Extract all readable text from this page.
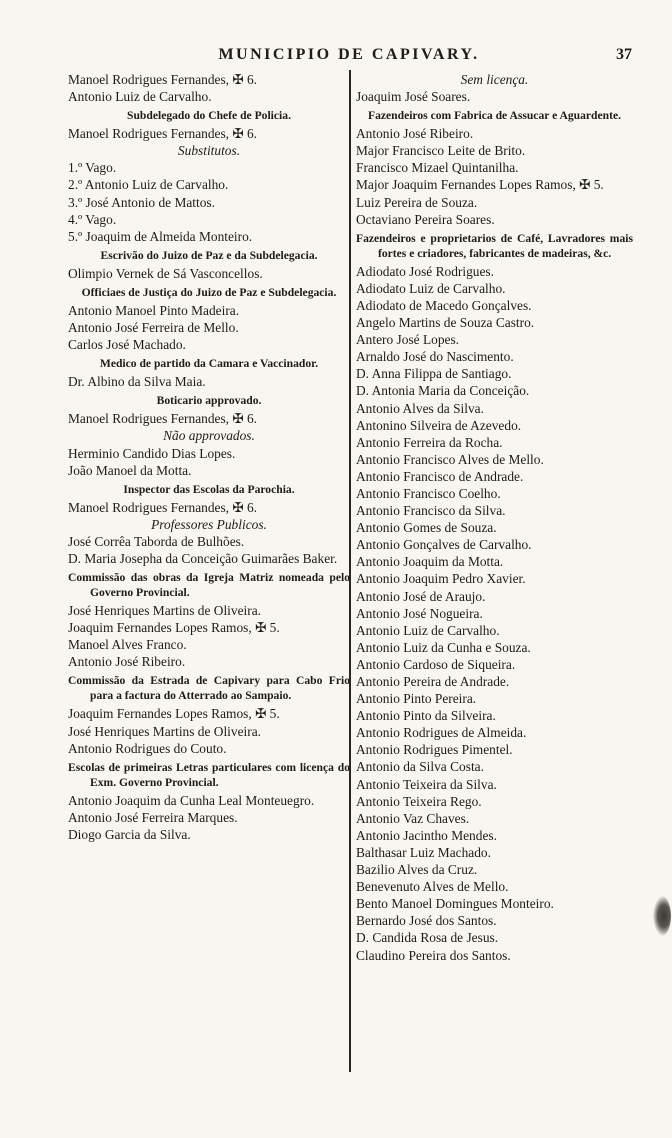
MUNICIPIO DE CAPIVARY.	37
Manoel Rodrigues Fernandes, ✠ 6.
Antonio Luiz de Carvalho.
Subdelegado do Chefe de Policia.
Manoel Rodrigues Fernandes, ✠ 6.
Substitutos.
1.º Vago.
2.º Antonio Luiz de Carvalho.
3.º José Antonio de Mattos.
4.º Vago.
5.º Joaquim de Almeida Monteiro.
Escrivão do Juizo de Paz e da Subdelegacia.
Olimpio Vernek de Sá Vasconcellos.
Officiaes de Justiça do Juizo de Paz e Subdelegacia.
Antonio Manoel Pinto Madeira.
Antonio José Ferreira de Mello.
Carlos José Machado.
Medico de partido da Camara e Vaccinador.
Dr. Albino da Silva Maia.
Boticario approvado.
Manoel Rodrigues Fernandes, ✠ 6.
Não approvados.
Herminio Candido Dias Lopes.
João Manoel da Motta.
Inspector das Escolas da Parochia.
Manoel Rodrigues Fernandes, ✠ 6.
Professores Publicos.
José Corrêa Taborda de Bulhões.
D. Maria Josepha da Conceição Guimarães Baker.
Commissão das obras da Igreja Matriz nomeada pelo Governo Provincial.
José Henriques Martins de Oliveira.
Joaquim Fernandes Lopes Ramos, ✠ 5.
Manoel Alves Franco.
Antonio José Ribeiro.
Commissão da Estrada de Capivary para Cabo Frio para a factura do Atterrado ao Sampaio.
Joaquim Fernandes Lopes Ramos, ✠ 5.
José Henriques Martins de Oliveira.
Antonio Rodrigues do Couto.
Escolas de primeiras Letras particulares com licença do Exm. Governo Provincial.
Antonio Joaquim da Cunha Leal Monteuegro.
Antonio José Ferreira Marques.
Diogo Garcia da Silva.
Sem licença.
Joaquim José Soares.
Fazendeiros com Fabrica de Assucar e Aguardente.
Antonio José Ribeiro.
Major Francisco Leite de Brito.
Francisco Mizael Quintanilha.
Major Joaquim Fernandes Lopes Ramos, ✠ 5.
Luiz Pereira de Souza.
Octaviano Pereira Soares.
Fazendeiros e proprietarios de Café, Lavradores mais fortes e criadores, fabricantes de madeiras, &c.
Adiodato José Rodrigues.
Adiodato Luiz de Carvalho.
Adiodato de Macedo Gonçalves.
Angelo Martins de Souza Castro.
Antero José Lopes.
Arnaldo José do Nascimento.
D. Anna Filippa de Santiago.
D. Antonia Maria da Conceição.
Antonio Alves da Silva.
Antonino Silveira de Azevedo.
Antonio Ferreira da Rocha.
Antonio Francisco Alves de Mello.
Antonio Francisco de Andrade.
Antonio Francisco Coelho.
Antonio Francisco da Silva.
Antonio Gomes de Souza.
Antonio Gonçalves de Carvalho.
Antonio Joaquim da Motta.
Antonio Joaquim Pedro Xavier.
Antonio José de Araujo.
Antonio José Nogueira.
Antonio Luiz de Carvalho.
Antonio Luiz da Cunha e Souza.
Antonio Cardoso de Siqueira.
Antonio Pereira de Andrade.
Antonio Pinto Pereira.
Antonio Pinto da Silveira.
Antonio Rodrigues de Almeida.
Antonio Rodrigues Pimentel.
Antonio da Silva Costa.
Antonio Teixeira da Silva.
Antonio Teixeira Rego.
Antonio Vaz Chaves.
Antonio Jacintho Mendes.
Balthasar Luiz Machado.
Bazilio Alves da Cruz.
Benevenuto Alves de Mello.
Bento Manoel Domingues Monteiro.
Bernardo José dos Santos.
D. Candida Rosa de Jesus.
Claudino Pereira dos Santos.
